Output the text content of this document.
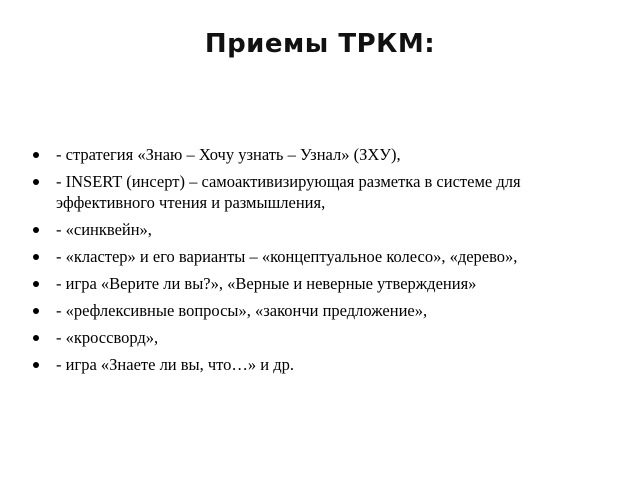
Приемы ТРКМ:
- стратегия «Знаю – Хочу узнать – Узнал» (ЗХУ),
- INSERT (инсерт) – самоактивизирующая разметка в системе для эффективного чтения и размышления,
- «синквейн»,
- «кластер» и его варианты – «концептуальное колесо», «дерево»,
- игра «Верите ли вы?», «Верные и неверные утверждения»
- «рефлексивные вопросы», «закончи предложение»,
- «кроссворд»,
- игра «Знаете ли вы, что…» и др.
